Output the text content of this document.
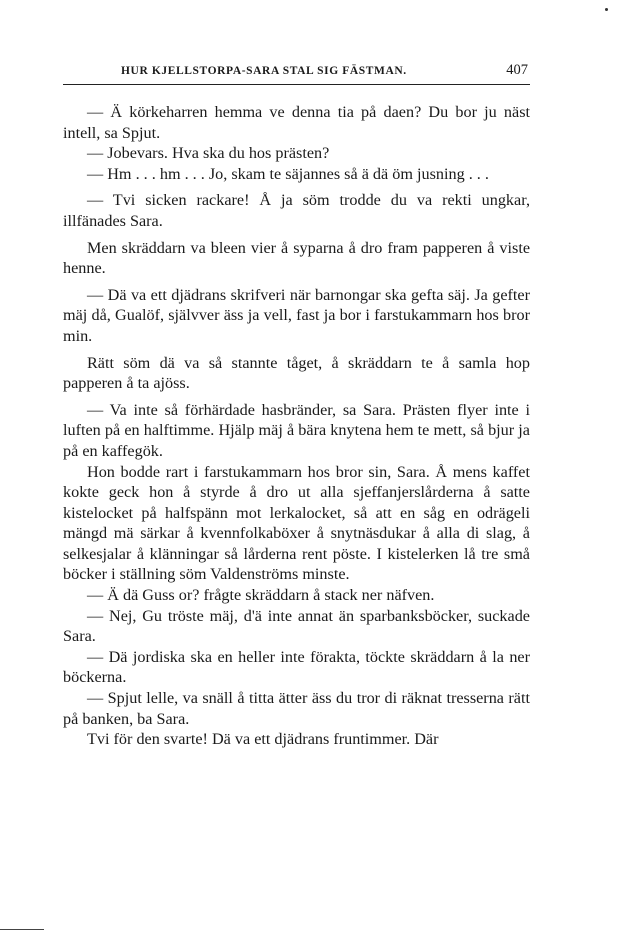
HUR KJELLSTORPA-SARA STAL SIG FÄSTMAN.	407

— Ä körkeharren hemma ve denna tia på daen? Du bor ju näst intell, sa Spjut.

— Jobevars. Hva ska du hos prästen?

— Hm . . . hm . . . Jo, skam te säjannes så ä dä öm jusning . . .

— Tvi sicken rackare! Å ja söm trodde du va rekti ungkar, illfänades Sara.

Men skräddarn va bleen vier å syparna å dro fram papperen å viste henne.

— Dä va ett djädrans skrifveri när barnongar ska gefta säj. Ja gefter mäj då, Gualöf, självver äss ja vell, fast ja bor i farstukammarn hos bror min.

Rätt söm dä va så stannte tåget, å skräddarn te å samla hop papperen å ta ajöss.

— Va inte så förhärdade hasbränder, sa Sara. Prästen flyer inte i luften på en halftimme. Hjälp mäj å bära knytena hem te mett, så bjur ja på en kaffegök.

Hon bodde rart i farstukammarn hos bror sin, Sara. Å mens kaffet kokte geck hon å styrde å dro ut alla sjeffanjerslårderna å satte kistelocket på halfspänn mot lerkalocket, så att en såg en odrägeli mängd mä särkar å kvennfolkaböxer å snytnäsdukar å alla di slag, å selkesjalar å klänningar så lårderna rent pöste. I kistelerken lå tre små böcker i ställning söm Valdenströms minste.

— Ä dä Guss or? frågte skräddarn å stack ner näfven.

— Nej, Gu tröste mäj, d'ä inte annat än sparbanksböcker, suckade Sara.

— Dä jordiska ska en heller inte förakta, töckte skräddarn å la ner böckerna.

— Spjut lelle, va snäll å titta ätter äss du tror di räknat tresserna rätt på banken, ba Sara.

Tvi för den svarte! Dä va ett djädrans fruntimmer. Där
